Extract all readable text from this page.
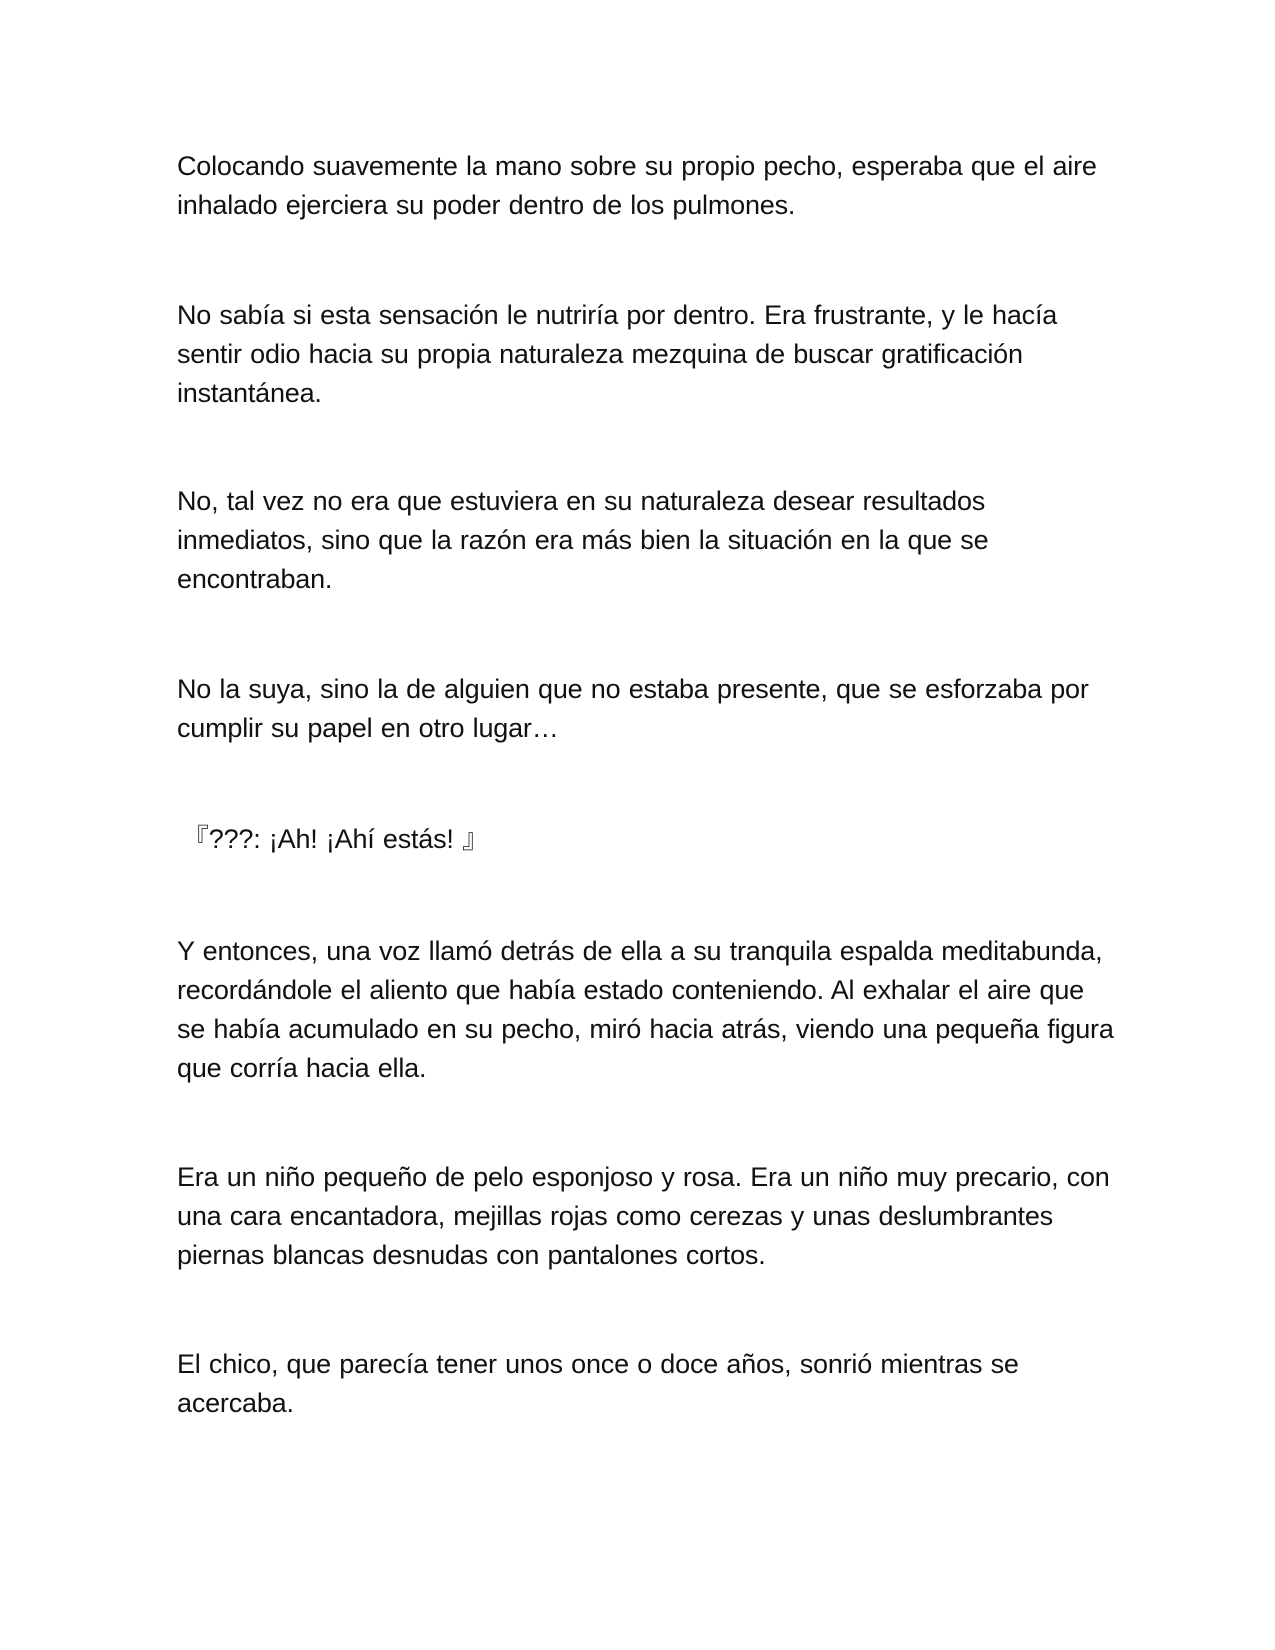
Colocando suavemente la mano sobre su propio pecho, esperaba que el aire inhalado ejerciera su poder dentro de los pulmones.

No sabía si esta sensación le nutriría por dentro. Era frustrante, y le hacía sentir odio hacia su propia naturaleza mezquina de buscar gratificación instantánea.

No, tal vez no era que estuviera en su naturaleza desear resultados inmediatos, sino que la razón era más bien la situación en la que se encontraban.

No la suya, sino la de alguien que no estaba presente, que se esforzaba por cumplir su papel en otro lugar…

『???: ¡Ah! ¡Ahí estás! 』

Y entonces, una voz llamó detrás de ella a su tranquila espalda meditabunda, recordándole el aliento que había estado conteniendo. Al exhalar el aire que se había acumulado en su pecho, miró hacia atrás, viendo una pequeña figura que corría hacia ella.

Era un niño pequeño de pelo esponjoso y rosa. Era un niño muy precario, con una cara encantadora, mejillas rojas como cerezas y unas deslumbrantes piernas blancas desnudas con pantalones cortos.

El chico, que parecía tener unos once o doce años, sonrió mientras se acercaba.
